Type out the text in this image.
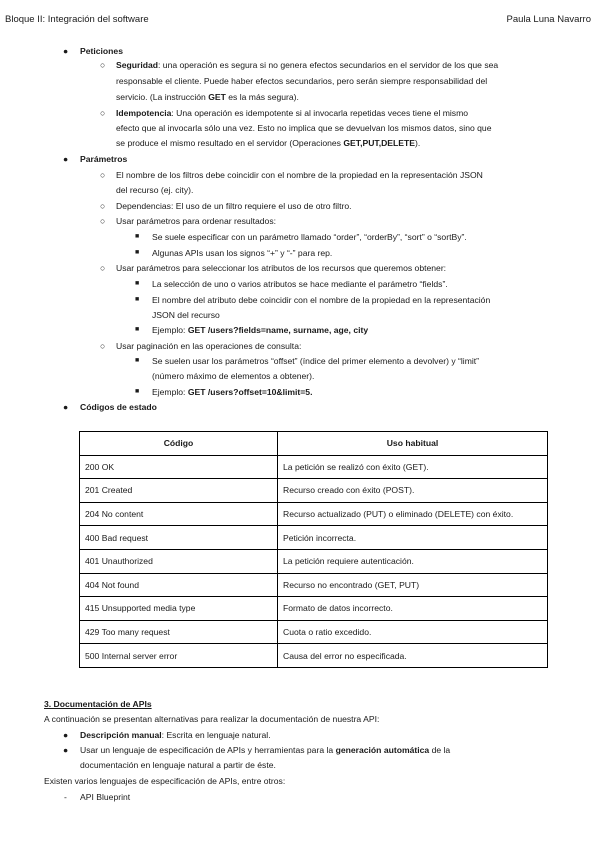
Bloque II: Integración del software	Paula Luna Navarro
● Peticiones
○ Seguridad: una operación es segura si no genera efectos secundarios en el servidor de los que sea
responsable el cliente. Puede haber efectos secundarios, pero serán siempre responsabilidad del
servicio. (La instrucción GET es la más segura).
○ Idempotencia: Una operación es idempotente si al invocarla repetidas veces tiene el mismo
efecto que al invocarla sólo una vez. Esto no implica que se devuelvan los mismos datos, sino que
se produce el mismo resultado en el servidor (Operaciones GET,PUT,DELETE).
● Parámetros
○ El nombre de los filtros debe coincidir con el nombre de la propiedad en la representación JSON
del recurso (ej. city).
○ Dependencias: El uso de un filtro requiere el uso de otro filtro.
○ Usar parámetros para ordenar resultados:
■ Se suele especificar con un parámetro llamado “order”, “orderBy”, “sort” o “sortBy”.
■ Algunas APIs usan los signos “+” y “-” para rep.
○ Usar parámetros para seleccionar los atributos de los recursos que queremos obtener:
■ La selección de uno o varios atributos se hace mediante el parámetro “fields”.
■ El nombre del atributo debe coincidir con el nombre de la propiedad en la representación
JSON del recurso
■ Ejemplo: GET /users?fields=name, surname, age, city
○ Usar paginación en las operaciones de consulta:
■ Se suelen usar los parámetros “offset” (índice del primer elemento a devolver) y “limit”
(número máximo de elementos a obtener).
■ Ejemplo: GET /users?offset=10&limit=5.
● Códigos de estado
Código	Uso habitual
200 OK	La petición se realizó con éxito (GET).
201 Created	Recurso creado con éxito (POST).
204 No content	Recurso actualizado (PUT) o eliminado (DELETE) con éxito.
400 Bad request	Petición incorrecta.
401 Unauthorized	La petición requiere autenticación.
404 Not found	Recurso no encontrado (GET, PUT)
415 Unsupported media type	Formato de datos incorrecto.
429 Too many request	Cuota o ratio excedido.
500 Internal server error	Causa del error no especificada.
3. Documentación de APIs
A continuación se presentan alternativas para realizar la documentación de nuestra API:
● Descripción manual: Escrita en lenguaje natural.
● Usar un lenguaje de especificación de APIs y herramientas para la generación automática de la
documentación en lenguaje natural a partir de éste.
Existen varios lenguajes de especificación de APIs, entre otros:
- API Blueprint
